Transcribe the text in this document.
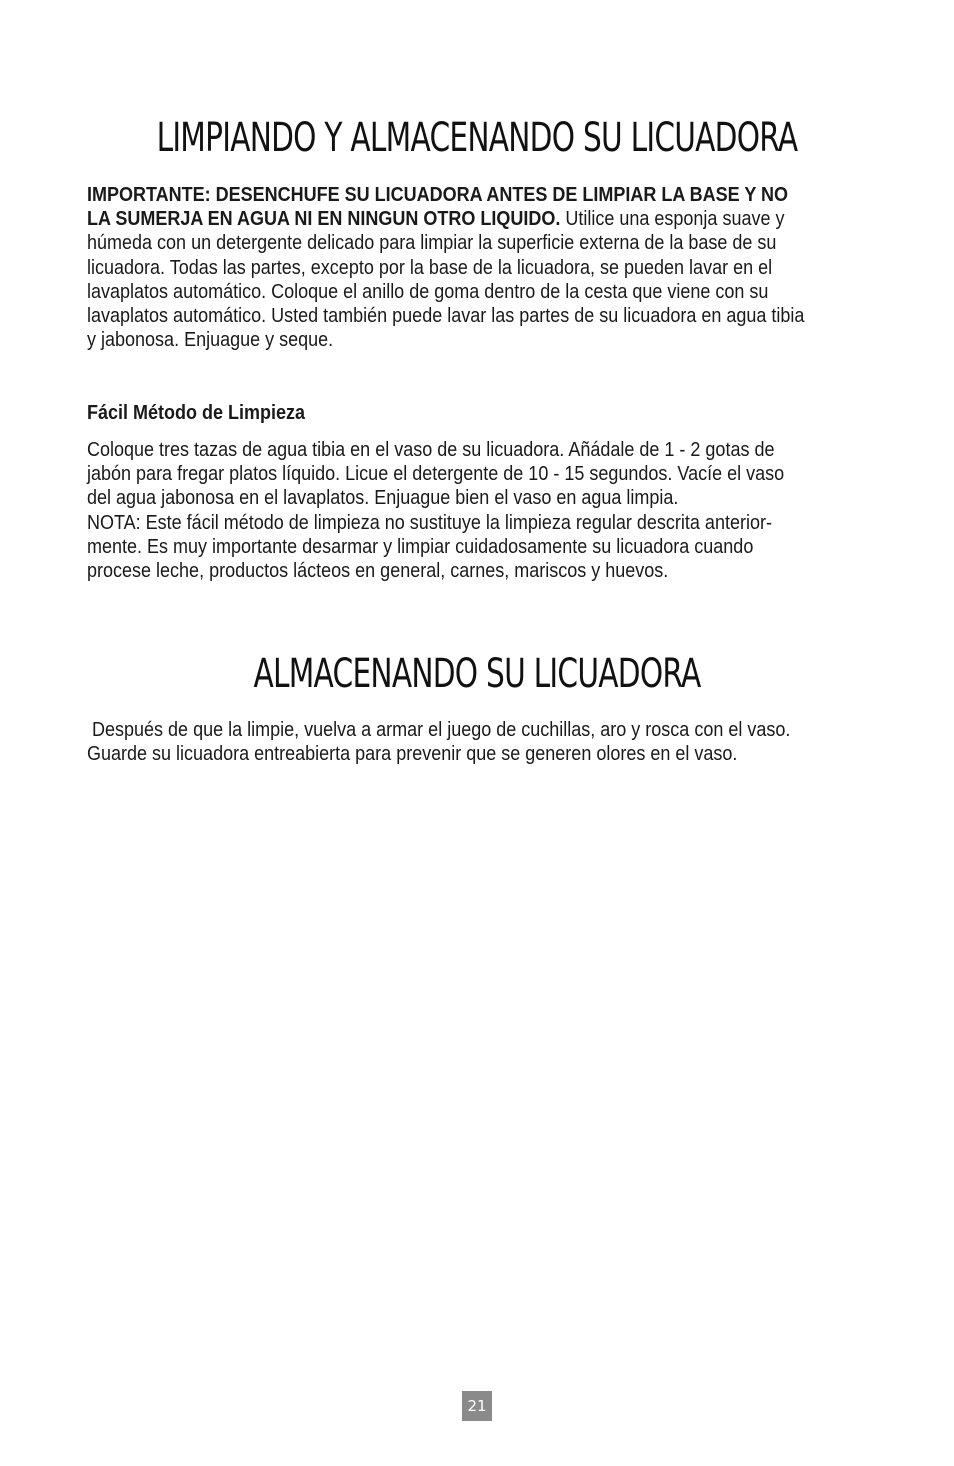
LIMPIANDO Y ALMACENANDO SU LICUADORA

IMPORTANTE: DESENCHUFE SU LICUADORA ANTES DE LIMPIAR LA BASE Y NO LA SUMERJA EN AGUA NI EN NINGUN OTRO LIQUIDO. Utilice una esponja suave y húmeda con un detergente delicado para limpiar la superficie externa de la base de su licuadora. Todas las partes, excepto por la base de la licuadora, se pueden lavar en el lavaplatos automático. Coloque el anillo de goma dentro de la cesta que viene con su lavaplatos automático. Usted también puede lavar las partes de su licuadora en agua tibia y jabonosa. Enjuague y seque.

Fácil Método de Limpieza

Coloque tres tazas de agua tibia en el vaso de su licuadora. Añádale de 1 - 2 gotas de jabón para fregar platos líquido. Licue el detergente de 10 - 15 segundos. Vacíe el vaso del agua jabonosa en el lavaplatos. Enjuague bien el vaso en agua limpia.
NOTA: Este fácil método de limpieza no sustituye la limpieza regular descrita anterior-mente. Es muy importante desarmar y limpiar cuidadosamente su licuadora cuando procese leche, productos lácteos en general, carnes, mariscos y huevos.
ALMACENANDO SU LICUADORA

Después de que la limpie, vuelva a armar el juego de cuchillas, aro y rosca con el vaso. Guarde su licuadora entreabierta para prevenir que se generen olores en el vaso.

21
